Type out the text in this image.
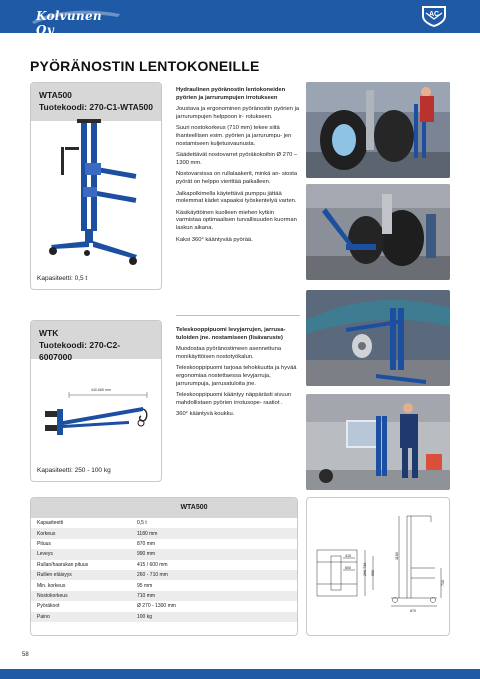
Kolvunen Oy
AC
PYÖRÄNOSTIN LENTOKONEILLE
WTA500
Tuotekoodi: 270-C1-WTA500
Kapasiteetti: 0,5 t

Hydraulinen pyöränostin lentokoneiden pyörien ja jarrurumpujen irrotukseen

Joustava ja ergonominen pyöränostin pyörien ja jarrurumpujen helppoon ir- rotukseen.

Suuri nostokorkeus (710 mm) tekee siitä ihanteellisen esim. pyörien ja jarrurumpu- jen nostamiseen kuljetusvaunusta.

Säädettävät nostovarret pyöräkokoihin Ø 270 – 1300 mm.

Nostovarsissa on rullalaakerit, minkä an- siosta pyörät on helppo vierittää paikalleen.

Jalkapolkimella käytettävä pumppu jättää molemmat kädet vapaaksi työskentelyä varten.

Käsikäyttöinen kuolleen miehen kytkin varmistaa optimaalisen turvallisuuden kuorman laskun aikana.

Kaksi 360° kääntyvää pyörää.

WTK
Tuotekoodi: 270-C2-6007000
440-665 mm
Kapasiteetti: 250 - 100 kg

Teleskooppipuomi levyjarrujen, jarrusa- tuloiden jne. nostamiseen (lisävaruste)

Muodostaa pyöränostimeen asennettuna monikäyttöisen nostotyökalun.

Teleskooppipuomi tarjoaa tehokkuutta ja hyvää ergonomiaa nostettaessa levyjarruja, jarrurumpuja, jarrusatuloita jne.

Teleskooppipuomi kääntyy näppärästi sivuun mahdollistaen pyörien irrotusope- raatiot .

360° kääntyvä koukku.

WTA500
Kapasiteetti	0,5 t
Korkeus	1180 mm
Pituus	870 mm
Leveys	990 mm
Rullan/haarukan pituus	415 / 600 mm
Rullien etäisyys	260 - 710 mm
Min. korkeus	95 mm
Nostokorkeus	710 mm
Pyöräkoot	Ø 270 - 1300 mm
Paino	100 kg
415
600	260-710 990
1180
870
710
58
